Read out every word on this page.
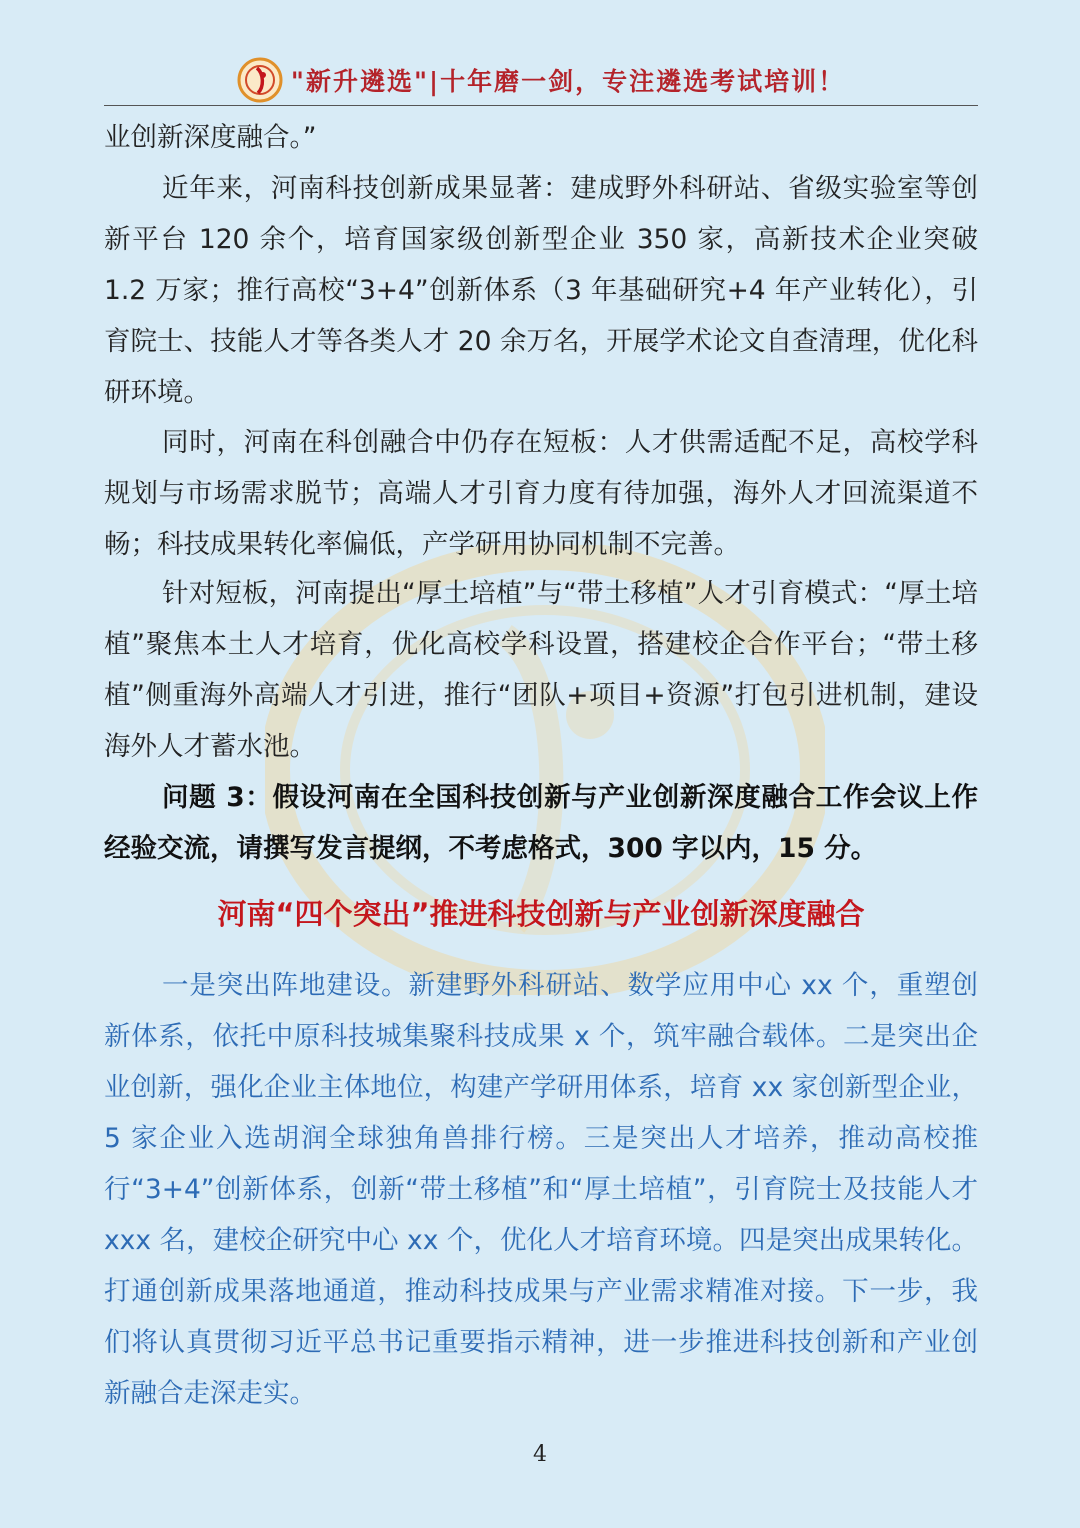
"新升遴选"|十年磨一剑，专注遴选考试培训！

业创新深度融合。”

近年来，河南科技创新成果显著：建成野外科研站、省级实验室等创新平台 120 余个，培育国家级创新型企业 350 家，高新技术企业突破 1.2 万家；推行高校“3+4”创新体系（3 年基础研究+4 年产业转化），引育院士、技能人才等各类人才 20 余万名，开展学术论文自查清理，优化科研环境。

同时，河南在科创融合中仍存在短板：人才供需适配不足，高校学科规划与市场需求脱节；高端人才引育力度有待加强，海外人才回流渠道不畅；科技成果转化率偏低，产学研用协同机制不完善。

针对短板，河南提出“厚土培植”与“带土移植”人才引育模式：“厚土培植”聚焦本土人才培育，优化高校学科设置，搭建校企合作平台；“带土移植”侧重海外高端人才引进，推行“团队+项目+资源”打包引进机制，建设海外人才蓄水池。

问题 3：假设河南在全国科技创新与产业创新深度融合工作会议上作经验交流，请撰写发言提纲，不考虑格式，300 字以内，15 分。

河南“四个突出”推进科技创新与产业创新深度融合

一是突出阵地建设。新建野外科研站、数学应用中心 xx 个，重塑创新体系，依托中原科技城集聚科技成果 x 个，筑牢融合载体。二是突出企业创新，强化企业主体地位，构建产学研用体系，培育 xx 家创新型企业，5 家企业入选胡润全球独角兽排行榜。三是突出人才培养，推动高校推行“3+4”创新体系，创新“带土移植”和“厚土培植”，引育院士及技能人才 xxx 名，建校企研究中心 xx 个，优化人才培育环境。四是突出成果转化。打通创新成果落地通道，推动科技成果与产业需求精准对接。下一步，我们将认真贯彻习近平总书记重要指示精神，进一步推进科技创新和产业创新融合走深走实。

4
